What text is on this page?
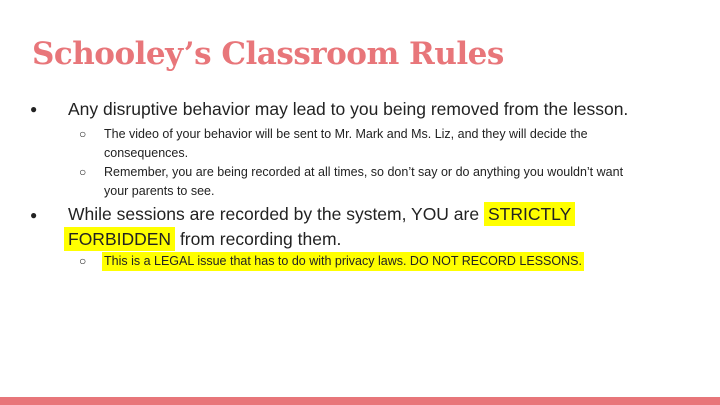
Schooley’s Classroom Rules
● Any disruptive behavior may lead to you being removed from the lesson.
○ The video of your behavior will be sent to Mr. Mark and Ms. Liz, and they will decide the
consequences.
○ Remember, you are being recorded at all times, so don’t say or do anything you wouldn’t want
your parents to see.
● While sessions are recorded by the system, YOU are
STRICTLY
FORBIDDEN
from recording them.
○ This is a LEGAL issue that has to do with privacy laws. DO NOT RECORD LESSONS.
